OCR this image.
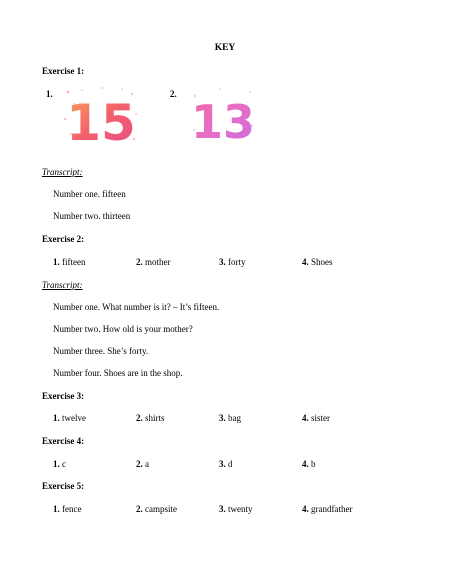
KEY
Exercise 1:
1.	2.
15 13
Transcript:
Number one. fifteen
Number two. thirteen
Exercise 2:
1. fifteen	2. mother	3. forty	4. Shoes
Transcript:
Number one. What number is it? – It’s fifteen.
Number two. How old is your mother?
Number three. She’s forty.
Number four. Shoes are in the shop.
Exercise 3:
1. twelve	2. shirts	3. bag	4. sister
Exercise 4:
1. c	2. a	3. d	4. b
Exercise 5:
1. fence	2. campsite	3. twenty	4. grandfather
